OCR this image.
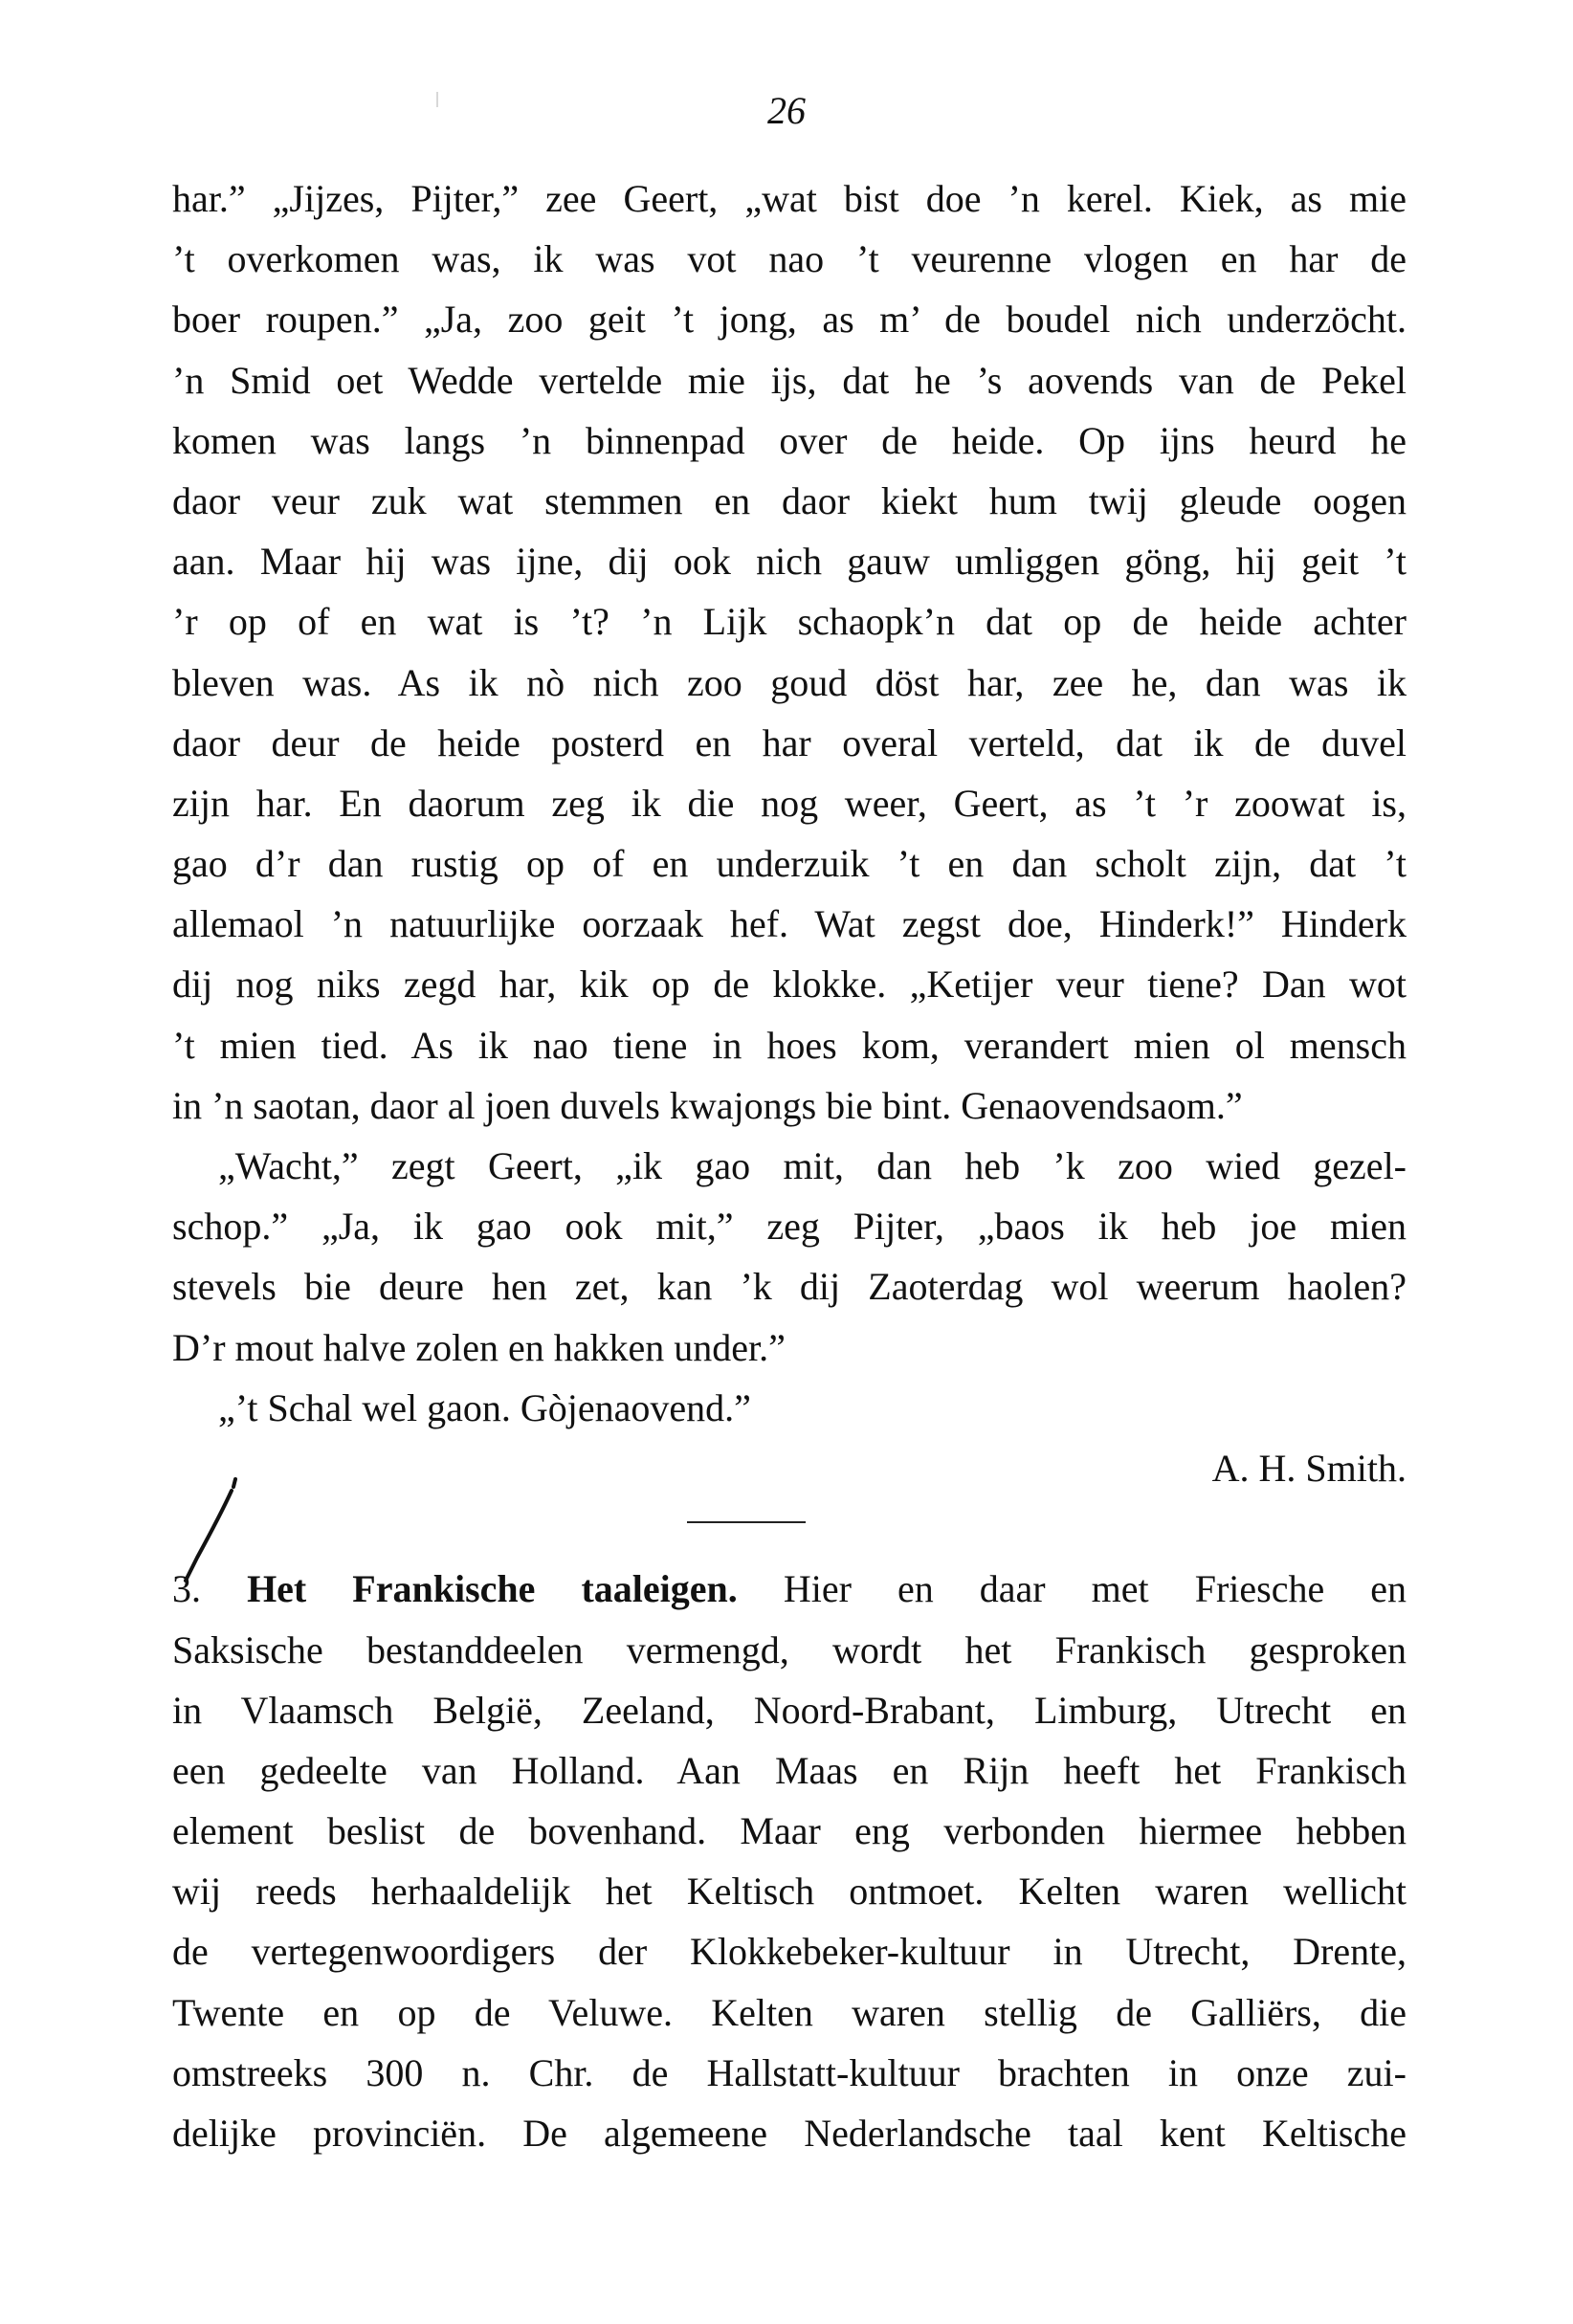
26
har.” „Jijzes, Pijter,” zee Geert, „wat bist doe ’n kerel. Kiek, as mie
’t overkomen was, ik was vot nao ’t veurenne vlogen en har de
boer roupen.” „Ja, zoo geit ’t jong, as m’ de boudel nich underzöcht.
’n Smid oet Wedde vertelde mie ijs, dat he ’s aovends van de Pekel
komen was langs ’n binnenpad over de heide. Op ijns heurd he
daor veur zuk wat stemmen en daor kiekt hum twij gleude oogen
aan. Maar hij was ijne, dij ook nich gauw umliggen göng, hij geit ’t
’r op of en wat is ’t? ’n Lijk schaopk’n dat op de heide achter
bleven was. As ik nò nich zoo goud döst har, zee he, dan was ik
daor deur de heide posterd en har overal verteld, dat ik de duvel
zijn har. En daorum zeg ik die nog weer, Geert, as ’t ’r zoowat is,
gao d’r dan rustig op of en underzuik ’t en dan scholt zijn, dat ’t
allemaol ’n natuurlijke oorzaak hef. Wat zegst doe, Hinderk!” Hinderk
dij nog niks zegd har, kik op de klokke. „Ketijer veur tiene? Dan wot
’t mien tied. As ik nao tiene in hoes kom, verandert mien ol mensch
in ’n saotan, daor al joen duvels kwajongs bie bint. Genaovendsaom.”
„Wacht,” zegt Geert, „ik gao mit, dan heb ’k zoo wied gezel-
schop.” „Ja, ik gao ook mit,” zeg Pijter, „baos ik heb joe mien
stevels bie deure hen zet, kan ’k dij Zaoterdag wol weerum haolen?
D’r mout halve zolen en hakken under.”
„’t Schal wel gaon. Gòjenaovend.”
A. H. Smith.
3. Het Frankische taaleigen. Hier en daar met Friesche en
Saksische bestanddeelen vermengd, wordt het Frankisch gesproken
in Vlaamsch België, Zeeland, Noord-Brabant, Limburg, Utrecht en
een gedeelte van Holland. Aan Maas en Rijn heeft het Frankisch
element beslist de bovenhand. Maar eng verbonden hiermee hebben
wij reeds herhaaldelijk het Keltisch ontmoet. Kelten waren wellicht
de vertegenwoordigers der Klokkebeker-kultuur in Utrecht, Drente,
Twente en op de Veluwe. Kelten waren stellig de Galliërs, die
omstreeks 300 n. Chr. de Hallstatt-kultuur brachten in onze zui-
delijke provinciën. De algemeene Nederlandsche taal kent Keltische
